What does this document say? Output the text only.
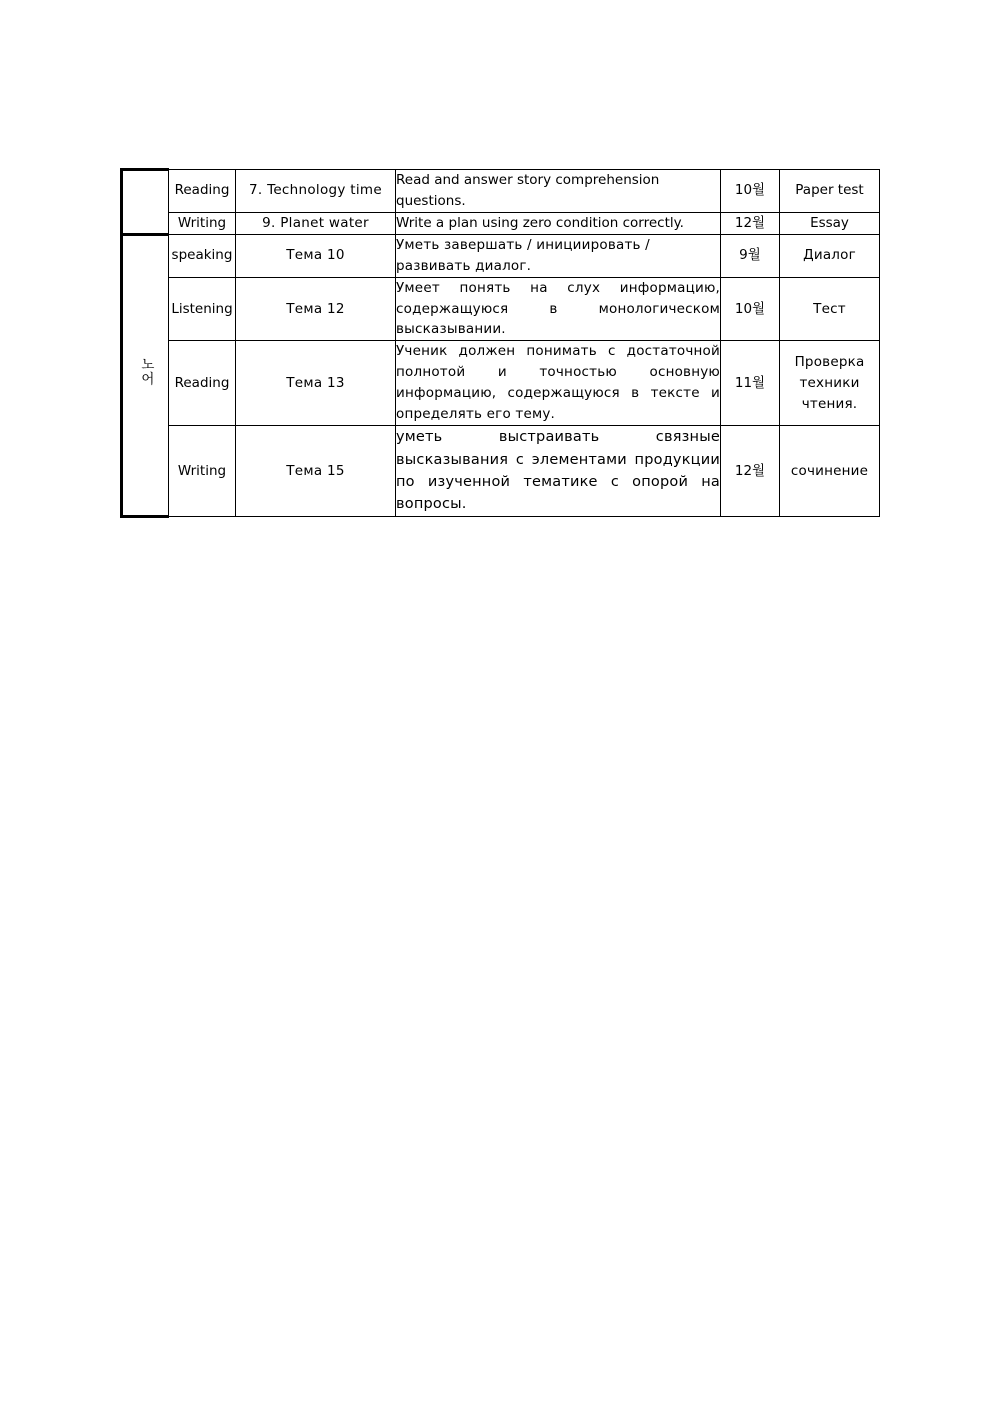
	Reading	7. Technology time	Read and answer story comprehension questions.	10월	Paper test
	Writing	9. Planet water	Write a plan using zero condition correctly.	12월	Essay
노어	speaking	Тема 10	Уметь завершать / инициировать / развивать диалог.	9월	Диалог
	Listening	Тема 12	Умеет понять на слух информацию, содержащуюся в монологическом высказывании.	10월	Тест
	Reading	Тема 13	Ученик должен понимать с достаточной полнотой и точностью основную информацию, содержащуюся в тексте и определять его тему.	11월	Проверка техники чтения.
	Writing	Тема 15	уметь выстраивать связные высказывания с элементами продукции по изученной тематике с опорой на вопросы.	12월	сочинение
